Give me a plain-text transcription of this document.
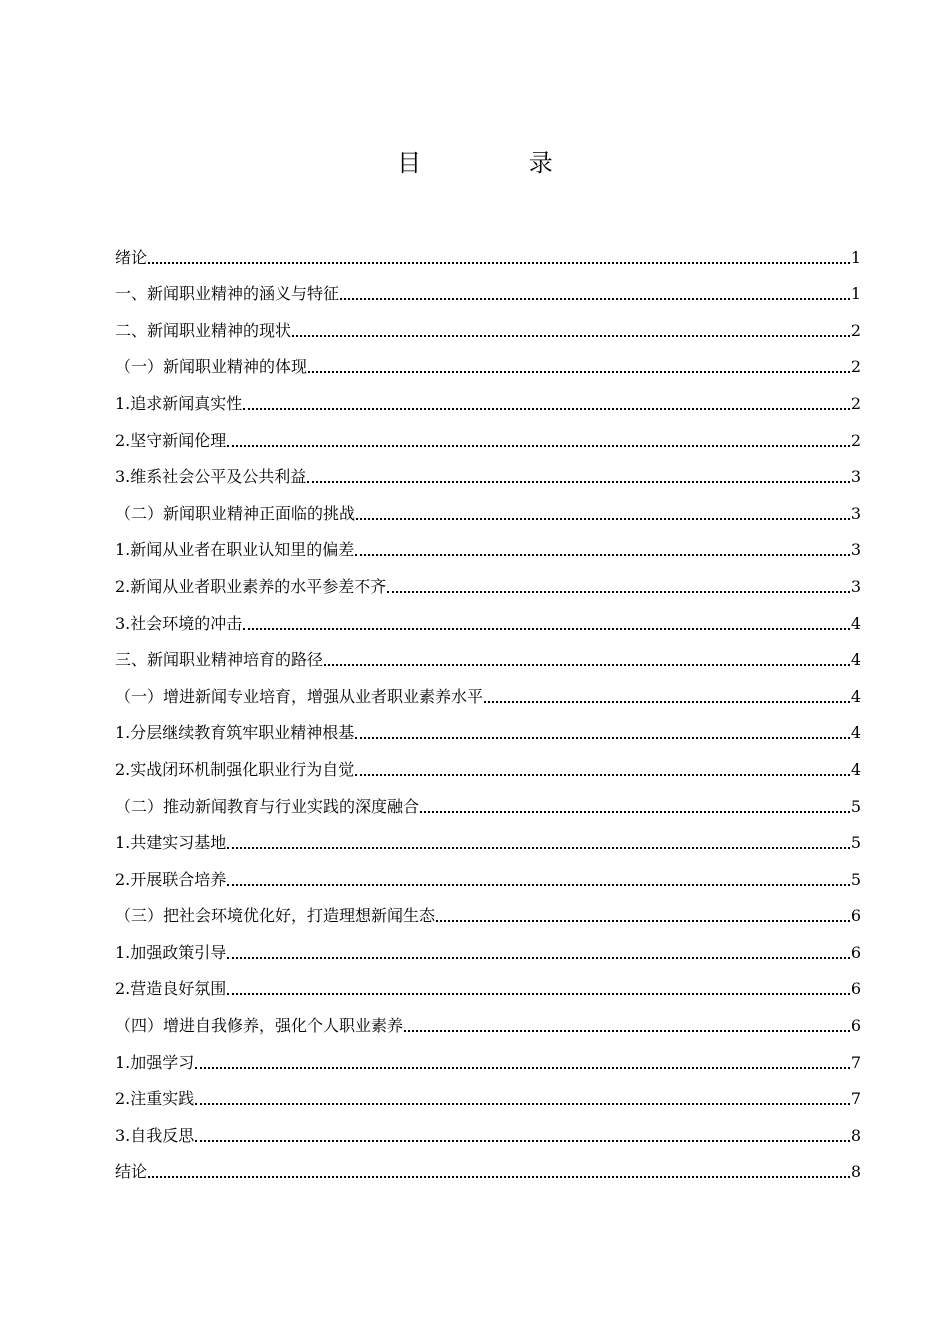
目 录
绪论	1
一、新闻职业精神的涵义与特征	1
二、新闻职业精神的现状	2
（一）新闻职业精神的体现	2
1.追求新闻真实性	2
2.坚守新闻伦理	2
3.维系社会公平及公共利益	3
（二）新闻职业精神正面临的挑战	3
1.新闻从业者在职业认知里的偏差	3
2.新闻从业者职业素养的水平参差不齐	3
3.社会环境的冲击	4
三、新闻职业精神培育的路径	4
（一）增进新闻专业培育，增强从业者职业素养水平	4
1.分层继续教育筑牢职业精神根基	4
2.实战闭环机制强化职业行为自觉	4
（二）推动新闻教育与行业实践的深度融合	5
1.共建实习基地	5
2.开展联合培养	5
（三）把社会环境优化好，打造理想新闻生态	6
1.加强政策引导	6
2.营造良好氛围	6
（四）增进自我修养，强化个人职业素养	6
1.加强学习	7
2.注重实践	7
3.自我反思	8
结论	8
